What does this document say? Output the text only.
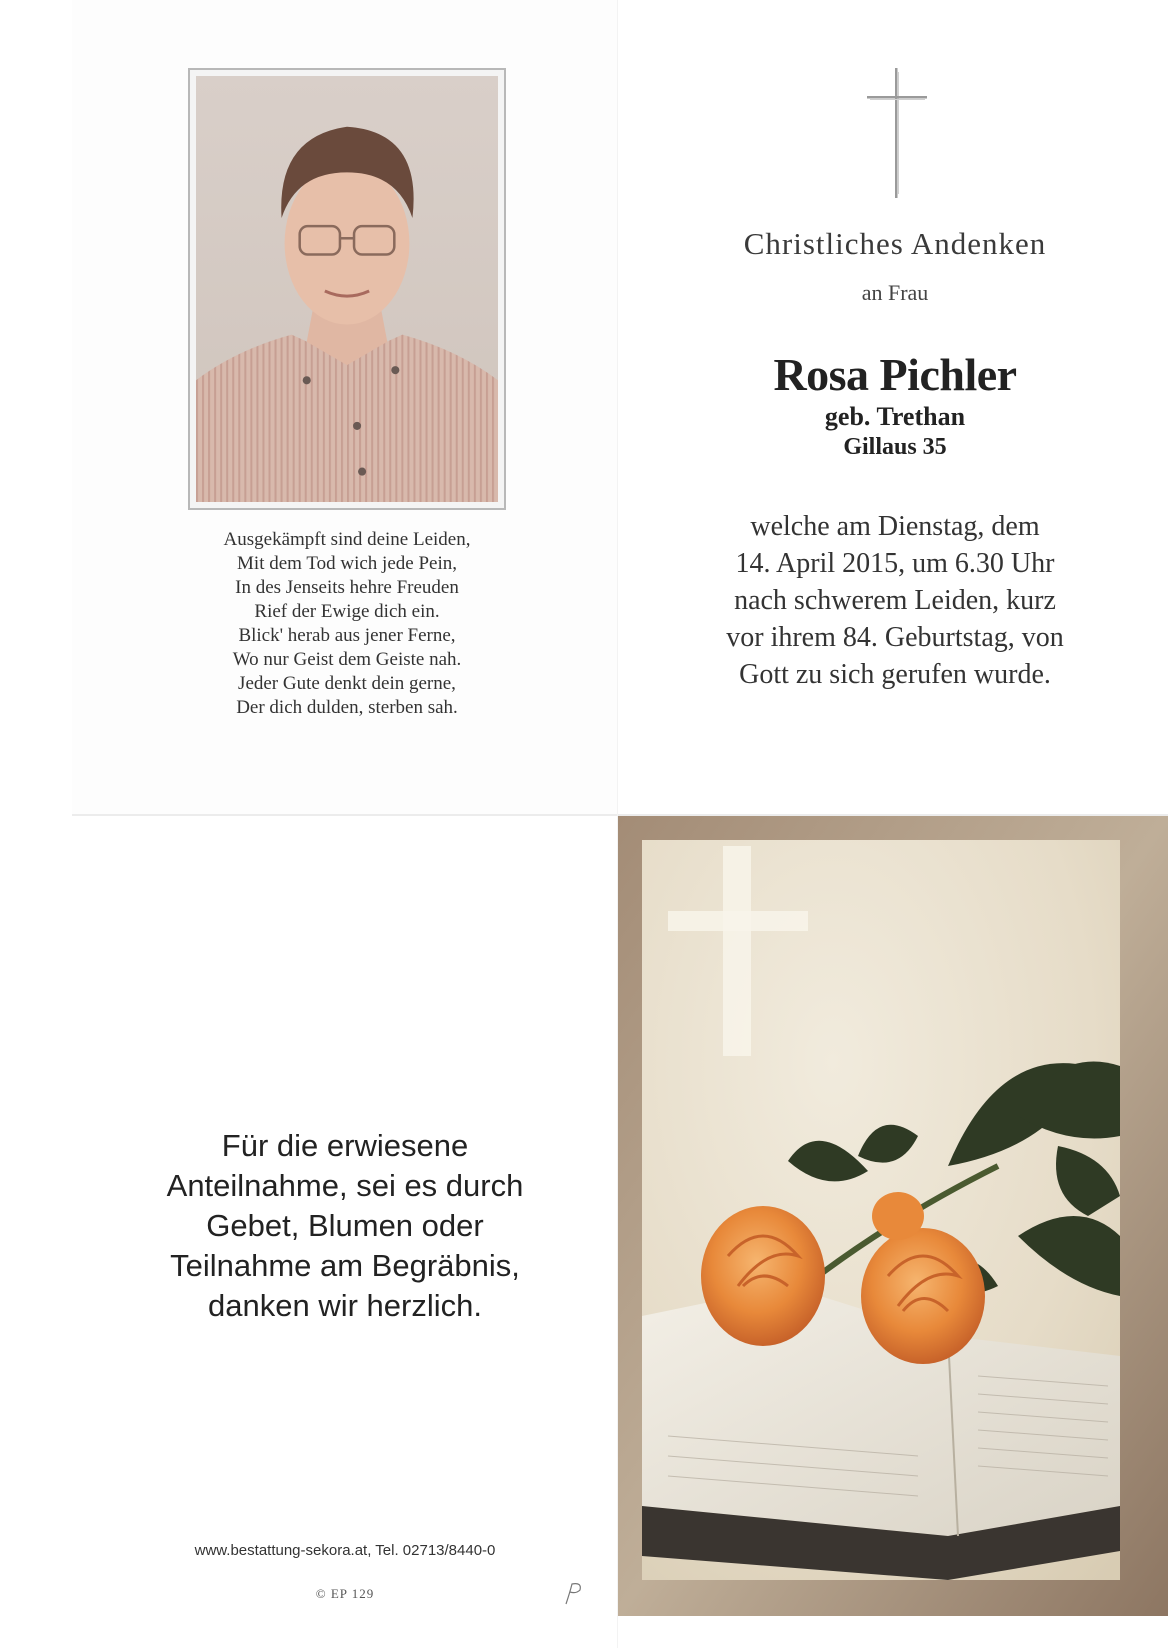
Ausgekämpft sind deine Leiden,
Mit dem Tod wich jede Pein,
In des Jenseits hehre Freuden
Rief der Ewige dich ein.
Blick' herab aus jener Ferne,
Wo nur Geist dem Geiste nah.
Jeder Gute denkt dein gerne,
Der dich dulden, sterben sah.
Christliches Andenken
an Frau
Rosa Pichler
geb. Trethan
Gillaus 35
welche am Dienstag, dem
14. April 2015, um 6.30 Uhr
nach schwerem Leiden, kurz
vor ihrem 84. Geburtstag, von
Gott zu sich gerufen wurde.
Für die erwiesene
Anteilnahme, sei es durch
Gebet, Blumen oder
Teilnahme am Begräbnis,
danken wir herzlich.
www.bestattung-sekora.at, Tel. 02713/8440-0
© EP 129
